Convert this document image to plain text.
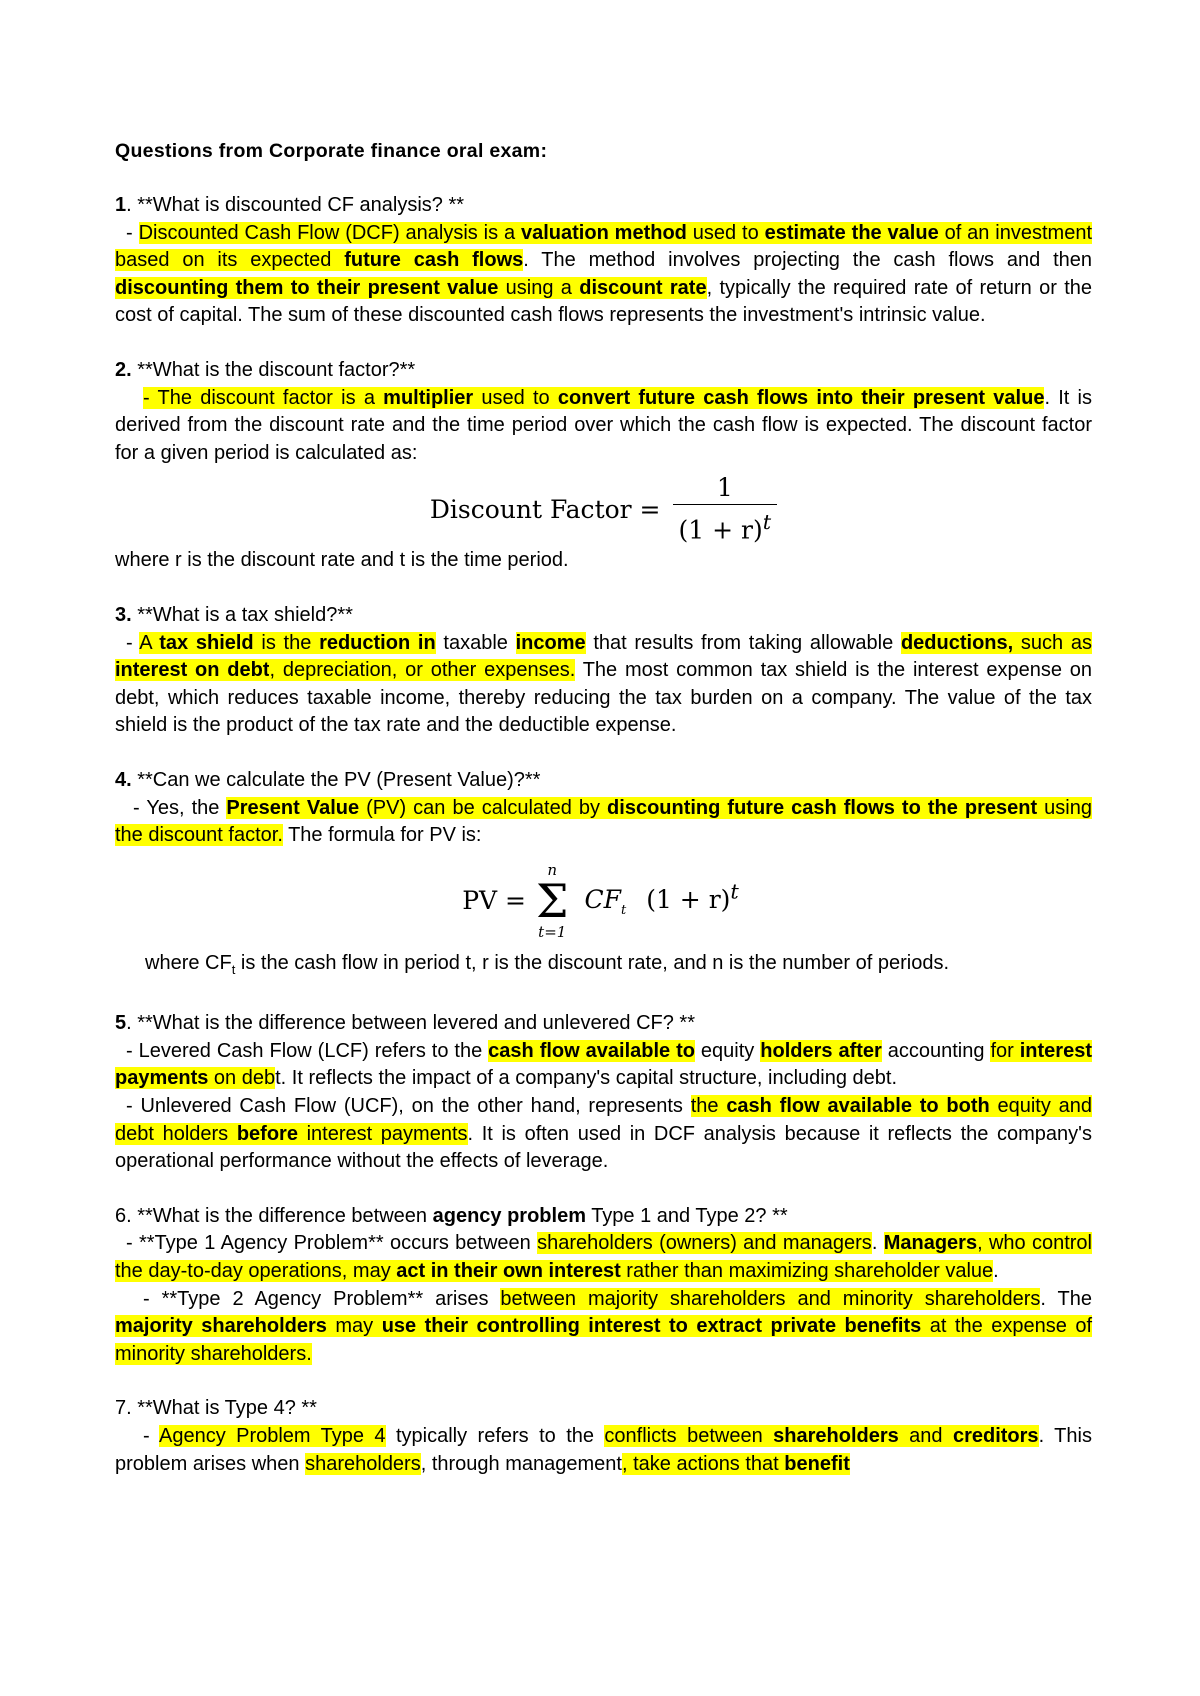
Questions from Corporate finance oral exam:

1. **What is discounted CF analysis? **

- Discounted Cash Flow (DCF) analysis is a valuation method used to estimate the value of an investment based on its expected future cash flows. The method involves projecting the cash flows and then discounting them to their present value using a discount rate, typically the required rate of return or the cost of capital. The sum of these discounted cash flows represents the investment's intrinsic value.

2. **What is the discount factor?**

- The discount factor is a multiplier used to convert future cash flows into their present value. It is derived from the discount rate and the time period over which the cash flow is expected. The discount factor for a given period is calculated as:

Discount Factor = $\frac{1}{(1 + r)^t}$

where r is the discount rate and t is the time period.

3. **What is a tax shield?**

- A tax shield is the reduction in taxable income that results from taking allowable deductions, such as interest on debt, depreciation, or other expenses. The most common tax shield is the interest expense on debt, which reduces taxable income, thereby reducing the tax burden on a company. The value of the tax shield is the product of the tax rate and the deductible expense.

4. **Can we calculate the PV (Present Value)?**

- Yes, the Present Value (PV) can be calculated by discounting future cash flows to the present using the discount factor. The formula for PV is:

PV =
n
Σ
t=1
$CF_t$ $(1 + r)^t$

where $CF_t$ is the cash flow in period t, r is the discount rate, and n is the number of periods.

5. **What is the difference between levered and unlevered CF? **

- Levered Cash Flow (LCF) refers to the cash flow available to equity holders after accounting for interest payments on debt. It reflects the impact of a company's capital structure, including debt.

- Unlevered Cash Flow (UCF), on the other hand, represents the cash flow available to both equity and debt holders before interest payments. It is often used in DCF analysis because it reflects the company's operational performance without the effects of leverage.

6. **What is the difference between agency problem Type 1 and Type 2? **

- **Type 1 Agency Problem** occurs between shareholders (owners) and managers. Managers, who control the day-to-day operations, may act in their own interest rather than maximizing shareholder value.

- **Type 2 Agency Problem** arises between majority shareholders and minority shareholders. The majority shareholders may use their controlling interest to extract private benefits at the expense of minority shareholders.

7. **What is Type 4? **

- Agency Problem Type 4 typically refers to the conflicts between shareholders and creditors. This problem arises when shareholders, through management, take actions that benefit
